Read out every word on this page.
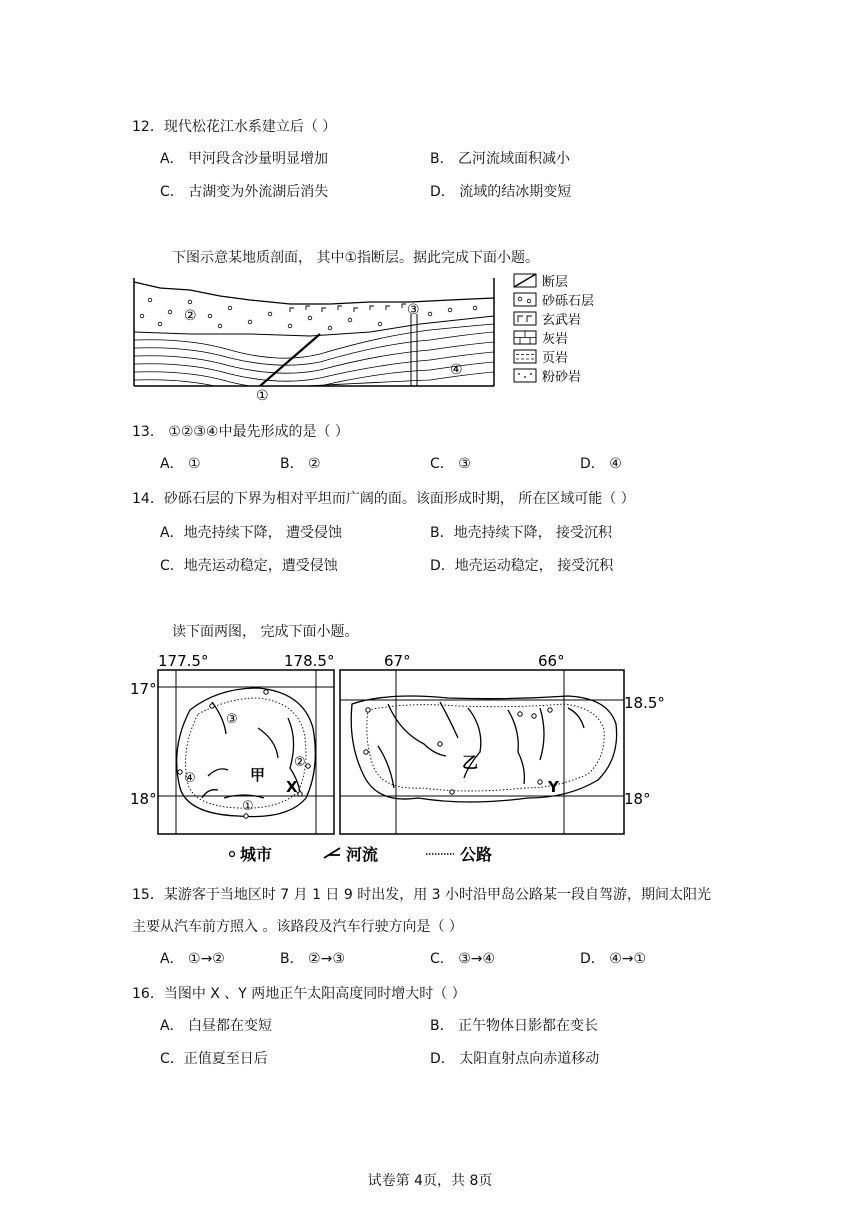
12．现代松花江水系建立后（ ）
A． 甲河段含沙量明显增加	B． 乙河流域面积减小
C． 古湖变为外流湖后消失	D． 流域的结冰期变短
下图示意某地质剖面， 其中①指断层。据此完成下面小题。
①
②	③
④
断层
砂砾石层
玄武岩
灰岩
页岩
粉砂岩
13． ①②③④中最先形成的是（ ）
A． ①	B． ②	C． ③	D． ④
14．砂砾石层的下界为相对平坦而广阔的面。该面形成时期， 所在区域可能（ ）
A．地壳持续下降， 遭受侵蚀	B．地壳持续下降， 接受沉积
C．地壳运动稳定，遭受侵蚀	D．地壳运动稳定， 接受沉积
读下面两图， 完成下面小题。
177.5°	178.5°	67°	66°
17°
18°
18.5°
18°
③
④
②
①
甲
X
乙
Y
城市	河流	公路
15．某游客于当地区时 7 月 1 日 9 时出发，用 3 小时沿甲岛公路某一段自驾游，期间太阳光
主要从汽车前方照入 。该路段及汽车行驶方向是（ ）
A． ①→②	B． ②→③	C． ③→④	D． ④→①
16．当图中 X 、Y 两地正午太阳高度同时增大时（ ）
A． 白昼都在变短	B． 正午物体日影都在变长
C．正值夏至日后	D． 太阳直射点向赤道移动
试卷第 4页，共 8页
